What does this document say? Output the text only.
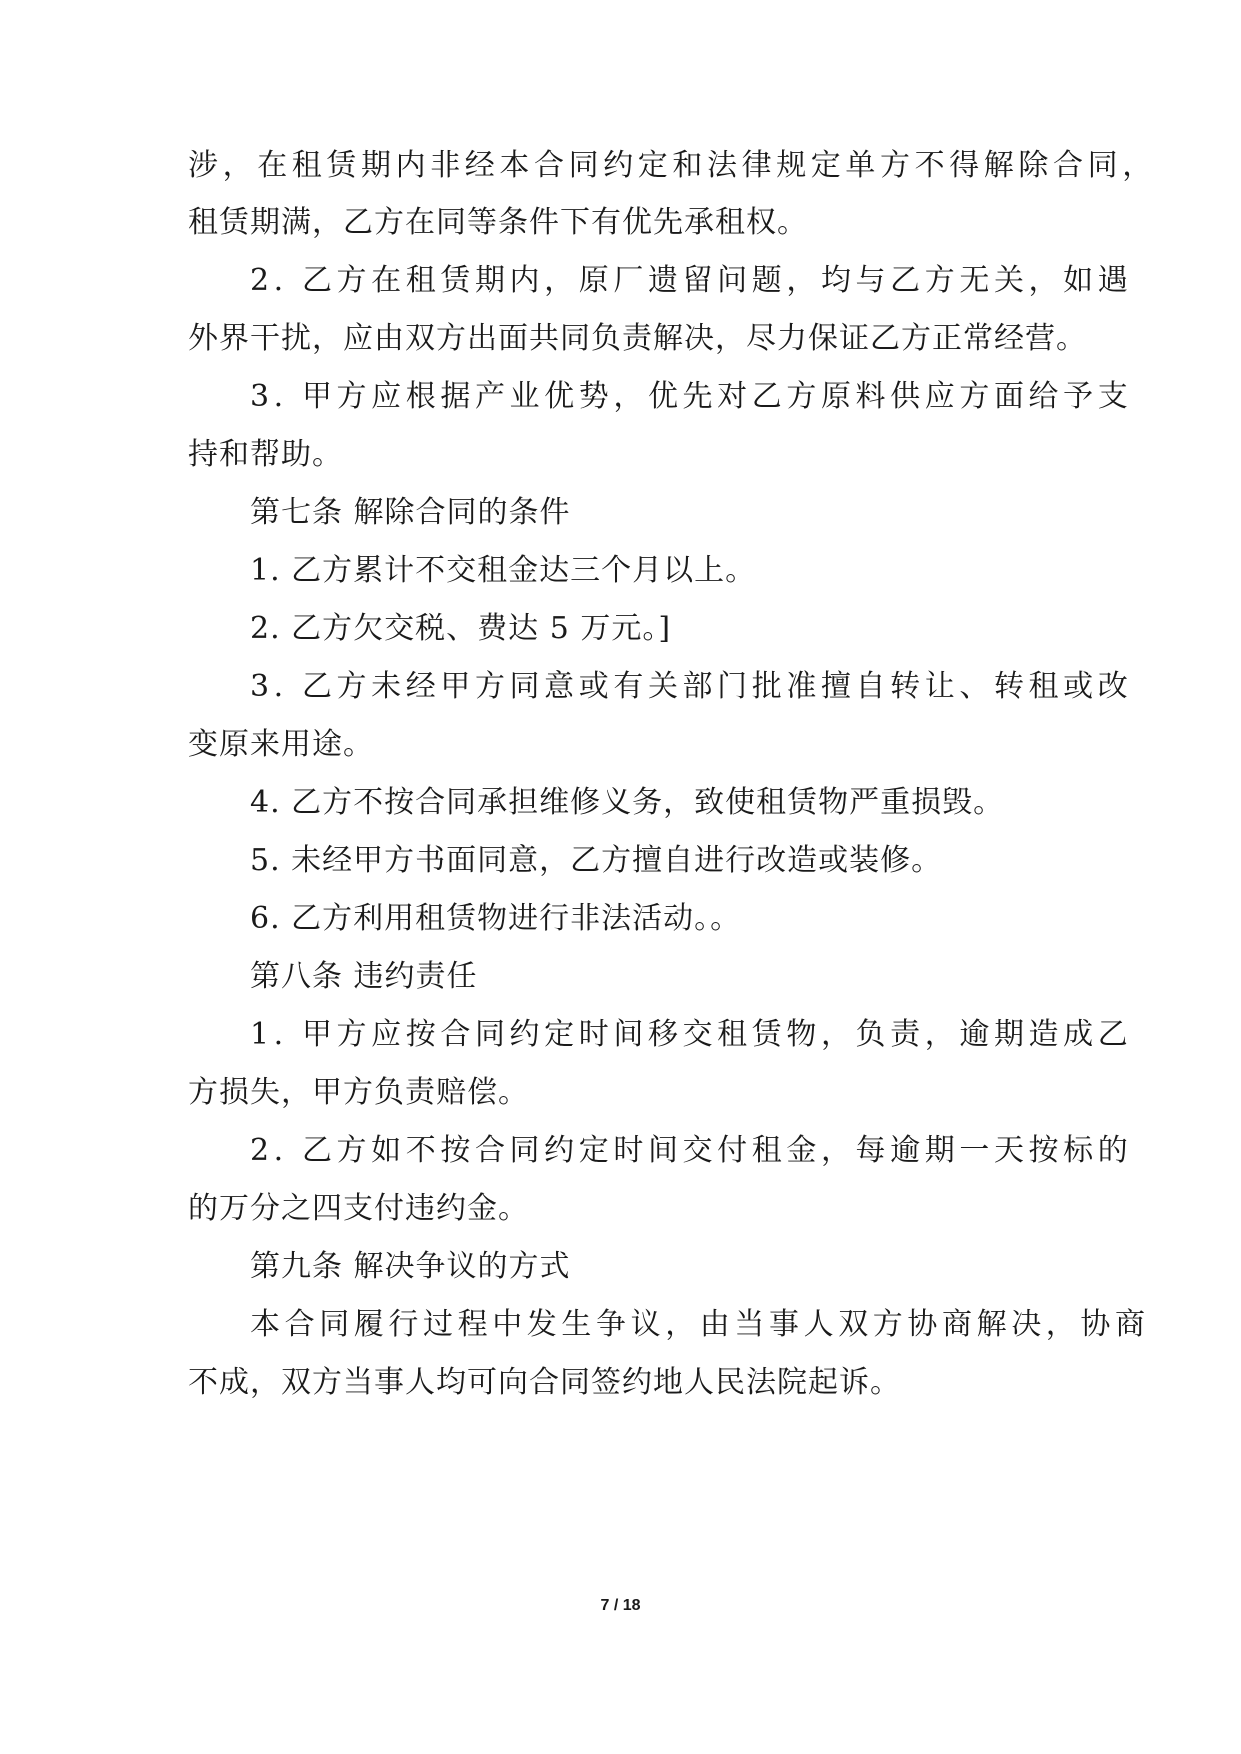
涉，在租赁期内非经本合同约定和法律规定单方不得解除合同，
租赁期满，乙方在同等条件下有优先承租权。
2. 乙方在租赁期内，原厂遗留问题，均与乙方无关，如遇
外界干扰，应由双方出面共同负责解决，尽力保证乙方正常经营。
3. 甲方应根据产业优势，优先对乙方原料供应方面给予支
持和帮助。
第七条 解除合同的条件
1. 乙方累计不交租金达三个月以上。
2. 乙方欠交税、费达 5 万元。]
3. 乙方未经甲方同意或有关部门批准擅自转让、转租或改
变原来用途。
4. 乙方不按合同承担维修义务，致使租赁物严重损毁。
5. 未经甲方书面同意，乙方擅自进行改造或装修。
6. 乙方利用租赁物进行非法活动。。
第八条 违约责任
1. 甲方应按合同约定时间移交租赁物，负责，逾期造成乙
方损失，甲方负责赔偿。
2. 乙方如不按合同约定时间交付租金，每逾期一天按标的
的万分之四支付违约金。
第九条 解决争议的方式
本合同履行过程中发生争议，由当事人双方协商解决，协商
不成，双方当事人均可向合同签约地人民法院起诉。
7 / 18
